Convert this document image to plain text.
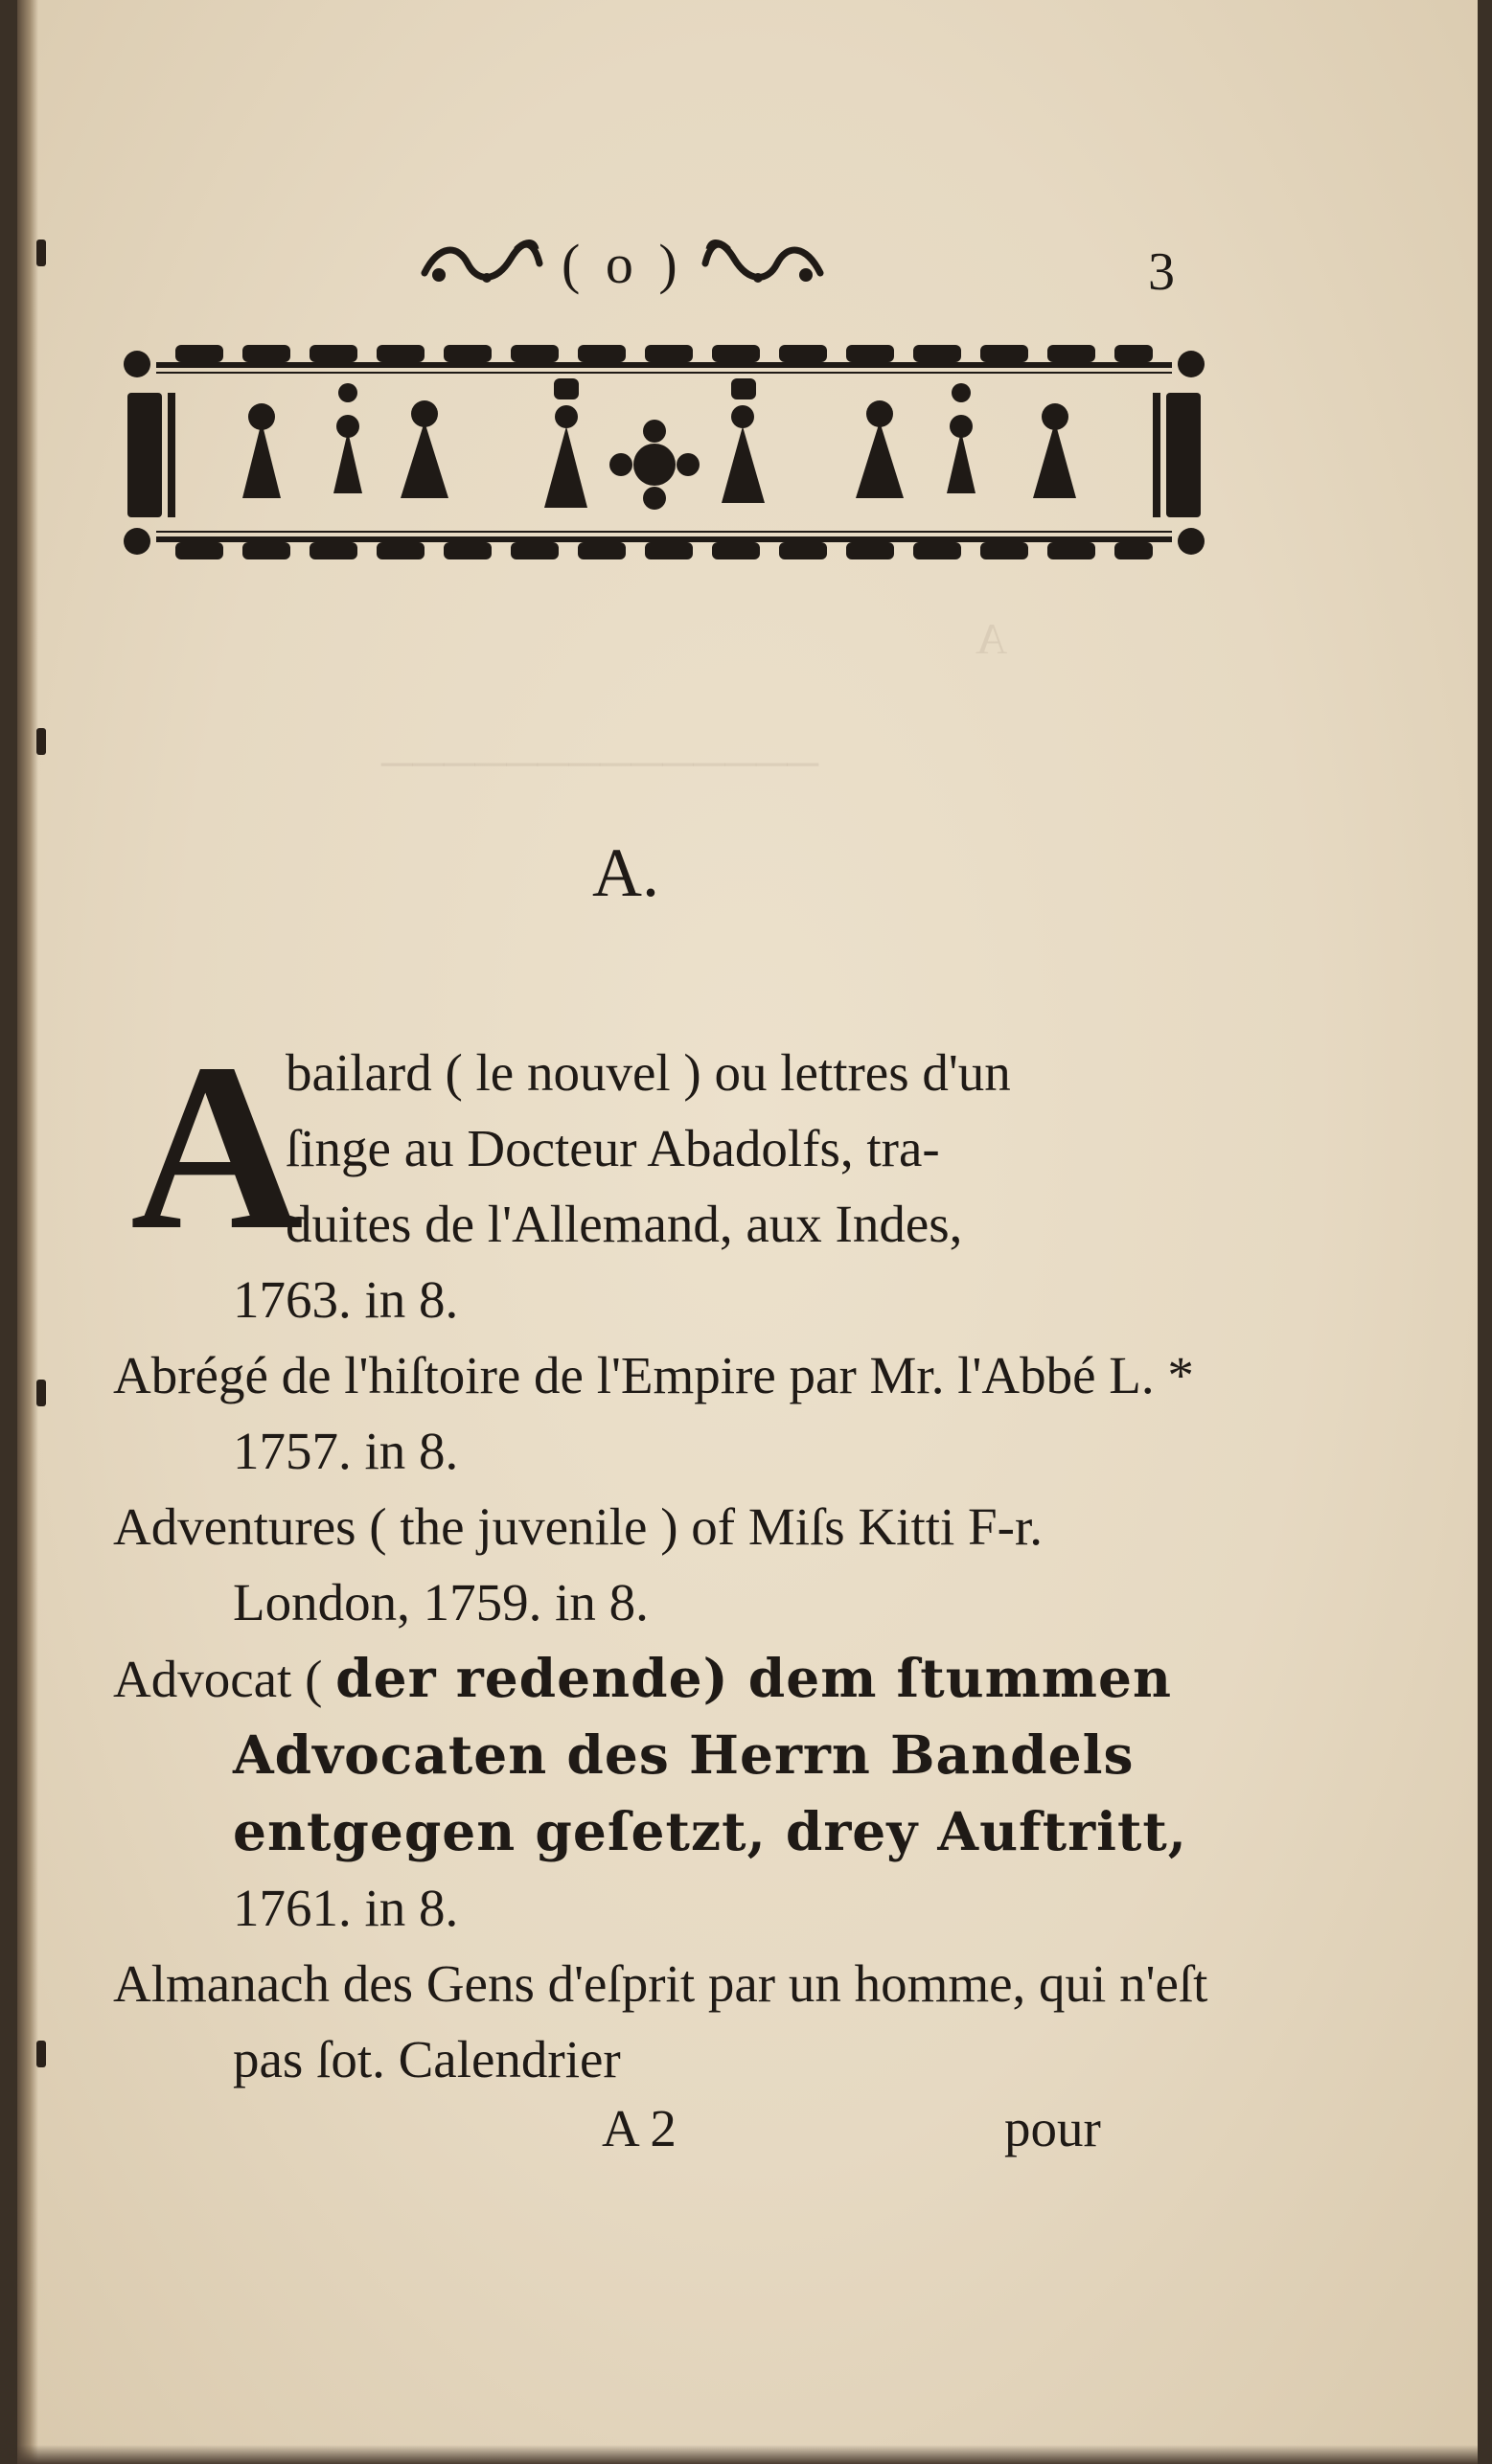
( o )	3
A
──────────────
A.
A
bailard ( le nouvel ) ou lettres d'un
ſinge au Docteur Abadolfs, tra-
duites de l'Allemand, aux Indes,

1763. in 8.
Abrégé de l'hiſtoire de l'Empire par Mr. l'Abbé L. * 1757. in 8.
Adventures ( the juvenile ) of Miſs Kitti F-r. London, 1759. in 8.
Advocat ( der redende) dem ſtummen Advocaten des Herrn Bandels entgegen geſetzt, drey Auftritt, 1761. in 8.
Almanach des Gens d'eſprit par un homme, qui n'eſt pas ſot. Calendrier
A 2	pour
